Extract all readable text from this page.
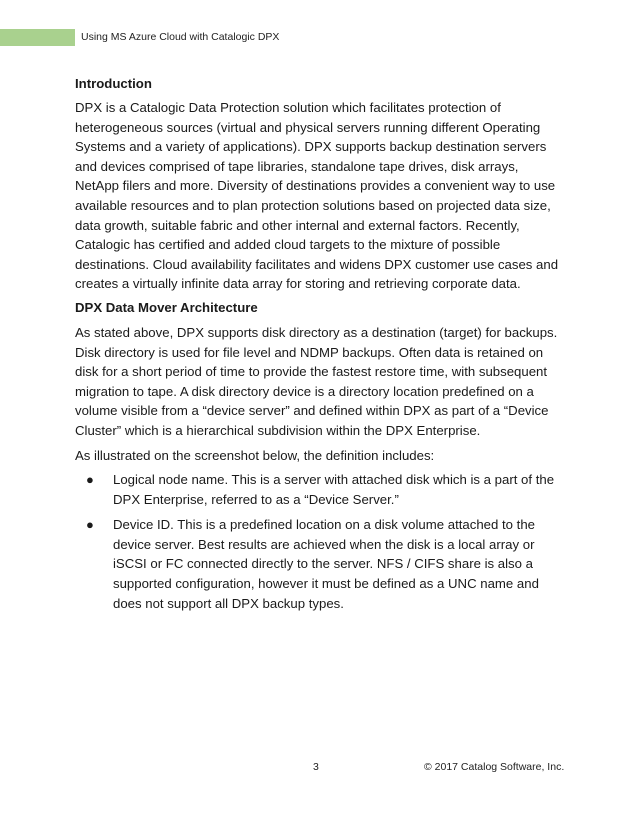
Using MS Azure Cloud with Catalogic DPX
Introduction

DPX is a Catalogic Data Protection solution which facilitates protection of heterogeneous sources (virtual and physical servers running different Operating Systems and a variety of applications). DPX supports backup destination servers and devices comprised of tape libraries, standalone tape drives, disk arrays, NetApp filers and more. Diversity of destinations provides a convenient way to use available resources and to plan protection solutions based on projected data size, data growth, suitable fabric and other internal and external factors. Recently, Catalogic has certified and added cloud targets to the mixture of possible destinations. Cloud availability facilitates and widens DPX customer use cases and creates a virtually infinite data array for storing and retrieving corporate data.

DPX Data Mover Architecture

As stated above, DPX supports disk directory as a destination (target) for backups. Disk directory is used for file level and NDMP backups. Often data is retained on disk for a short period of time to provide the fastest restore time, with subsequent migration to tape. A disk directory device is a directory location predefined on a volume visible from a “device server” and defined within DPX as part of a “Device Cluster” which is a hierarchical subdivision within the DPX Enterprise.

As illustrated on the screenshot below, the definition includes:

● Logical node name. This is a server with attached disk which is a part of the DPX Enterprise, referred to as a “Device Server.”
● Device ID. This is a predefined location on a disk volume attached to the device server. Best results are achieved when the disk is a local array or iSCSI or FC connected directly to the server. NFS / CIFS share is also a supported configuration, however it must be defined as a UNC name and does not support all DPX backup types.
3	© 2017 Catalog Software, Inc.
